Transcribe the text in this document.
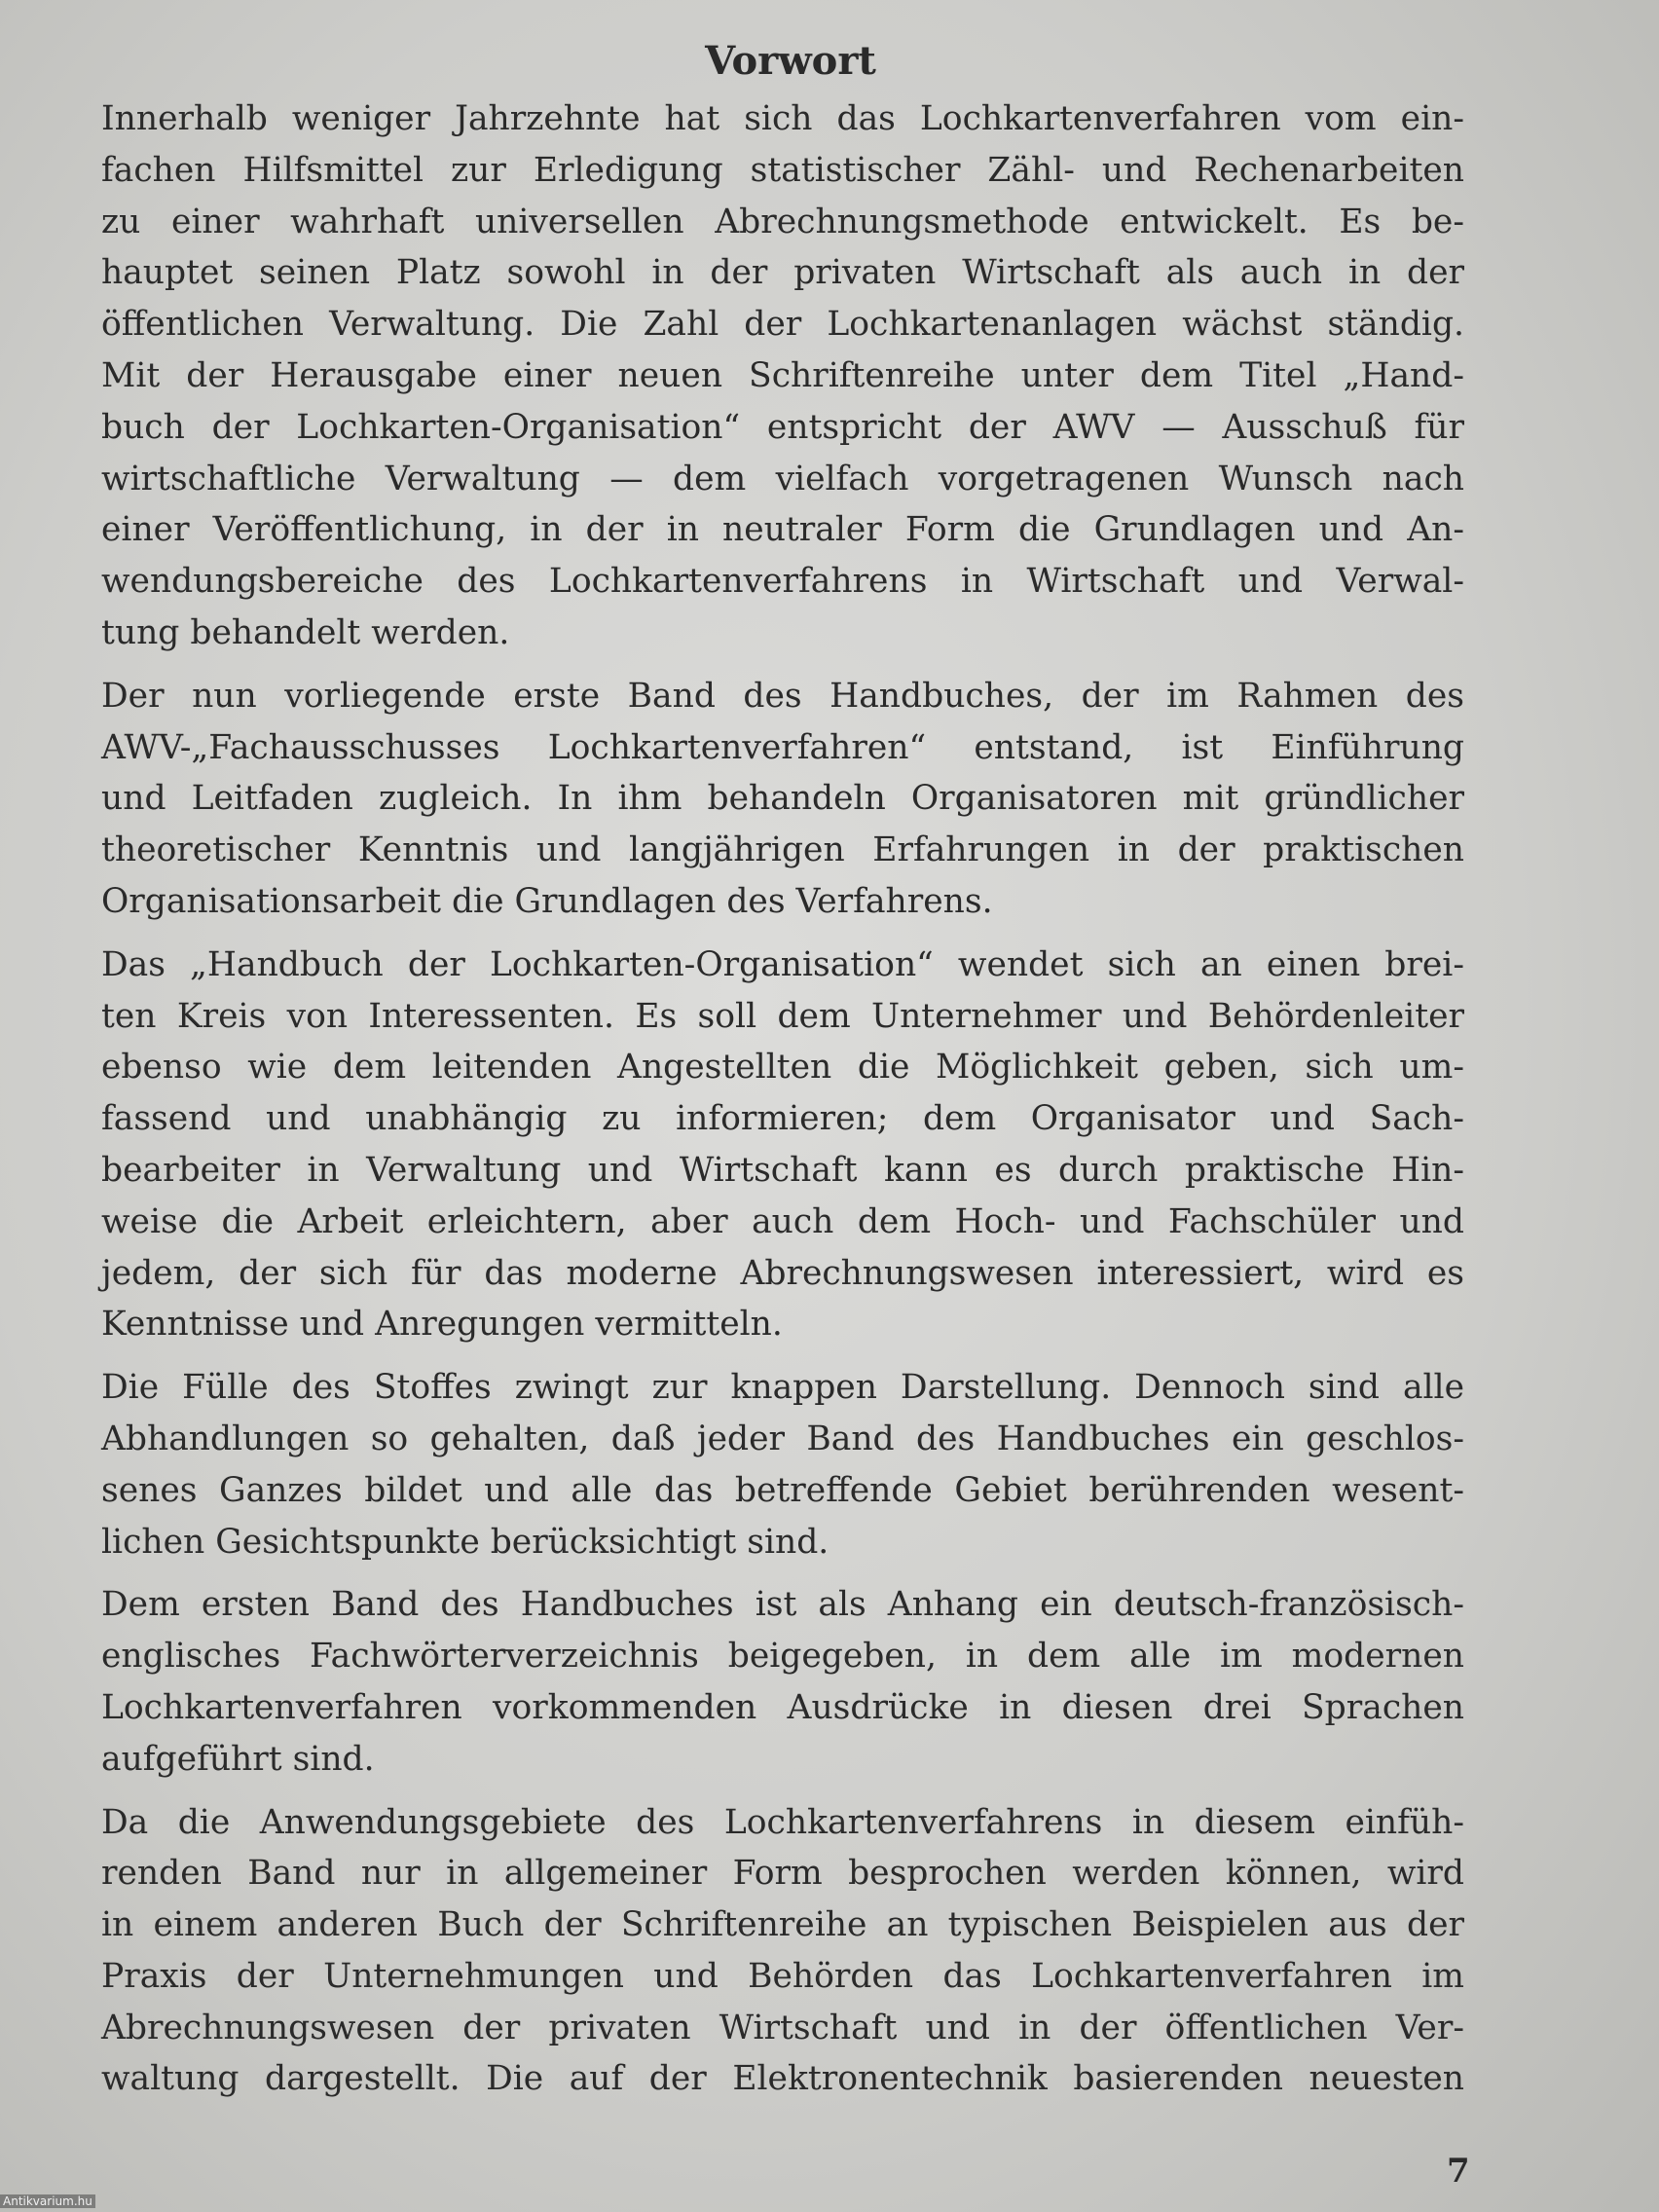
Vorwort

Innerhalb weniger Jahrzehnte hat sich das Lochkartenverfahren vom ein-
fachen Hilfsmittel zur Erledigung statistischer Zähl- und Rechenarbeiten
zu einer wahrhaft universellen Abrechnungsmethode entwickelt. Es be-
hauptet seinen Platz sowohl in der privaten Wirtschaft als auch in der
öffentlichen Verwaltung. Die Zahl der Lochkartenanlagen wächst ständig.
Mit der Herausgabe einer neuen Schriftenreihe unter dem Titel „Hand-
buch der Lochkarten-Organisation“ entspricht der AWV — Ausschuß für
wirtschaftliche Verwaltung — dem vielfach vorgetragenen Wunsch nach
einer Veröffentlichung, in der in neutraler Form die Grundlagen und An-
wendungsbereiche des Lochkartenverfahrens in Wirtschaft und Verwal-
tung behandelt werden.

Der nun vorliegende erste Band des Handbuches, der im Rahmen des
AWV-„Fachausschusses Lochkartenverfahren“ entstand, ist Einführung
und Leitfaden zugleich. In ihm behandeln Organisatoren mit gründlicher
theoretischer Kenntnis und langjährigen Erfahrungen in der praktischen
Organisationsarbeit die Grundlagen des Verfahrens.

Das „Handbuch der Lochkarten-Organisation“ wendet sich an einen brei-
ten Kreis von Interessenten. Es soll dem Unternehmer und Behördenleiter
ebenso wie dem leitenden Angestellten die Möglichkeit geben, sich um-
fassend und unabhängig zu informieren; dem Organisator und Sach-
bearbeiter in Verwaltung und Wirtschaft kann es durch praktische Hin-
weise die Arbeit erleichtern, aber auch dem Hoch- und Fachschüler und
jedem, der sich für das moderne Abrechnungswesen interessiert, wird es
Kenntnisse und Anregungen vermitteln.

Die Fülle des Stoffes zwingt zur knappen Darstellung. Dennoch sind alle
Abhandlungen so gehalten, daß jeder Band des Handbuches ein geschlos-
senes Ganzes bildet und alle das betreffende Gebiet berührenden wesent-
lichen Gesichtspunkte berücksichtigt sind.

Dem ersten Band des Handbuches ist als Anhang ein deutsch-französisch-
englisches Fachwörterverzeichnis beigegeben, in dem alle im modernen
Lochkartenverfahren vorkommenden Ausdrücke in diesen drei Sprachen
aufgeführt sind.

Da die Anwendungsgebiete des Lochkartenverfahrens in diesem einfüh-
renden Band nur in allgemeiner Form besprochen werden können, wird
in einem anderen Buch der Schriftenreihe an typischen Beispielen aus der
Praxis der Unternehmungen und Behörden das Lochkartenverfahren im
Abrechnungswesen der privaten Wirtschaft und in der öffentlichen Ver-
waltung dargestellt. Die auf der Elektronentechnik basierenden neuesten

7
Antikvarium.hu
